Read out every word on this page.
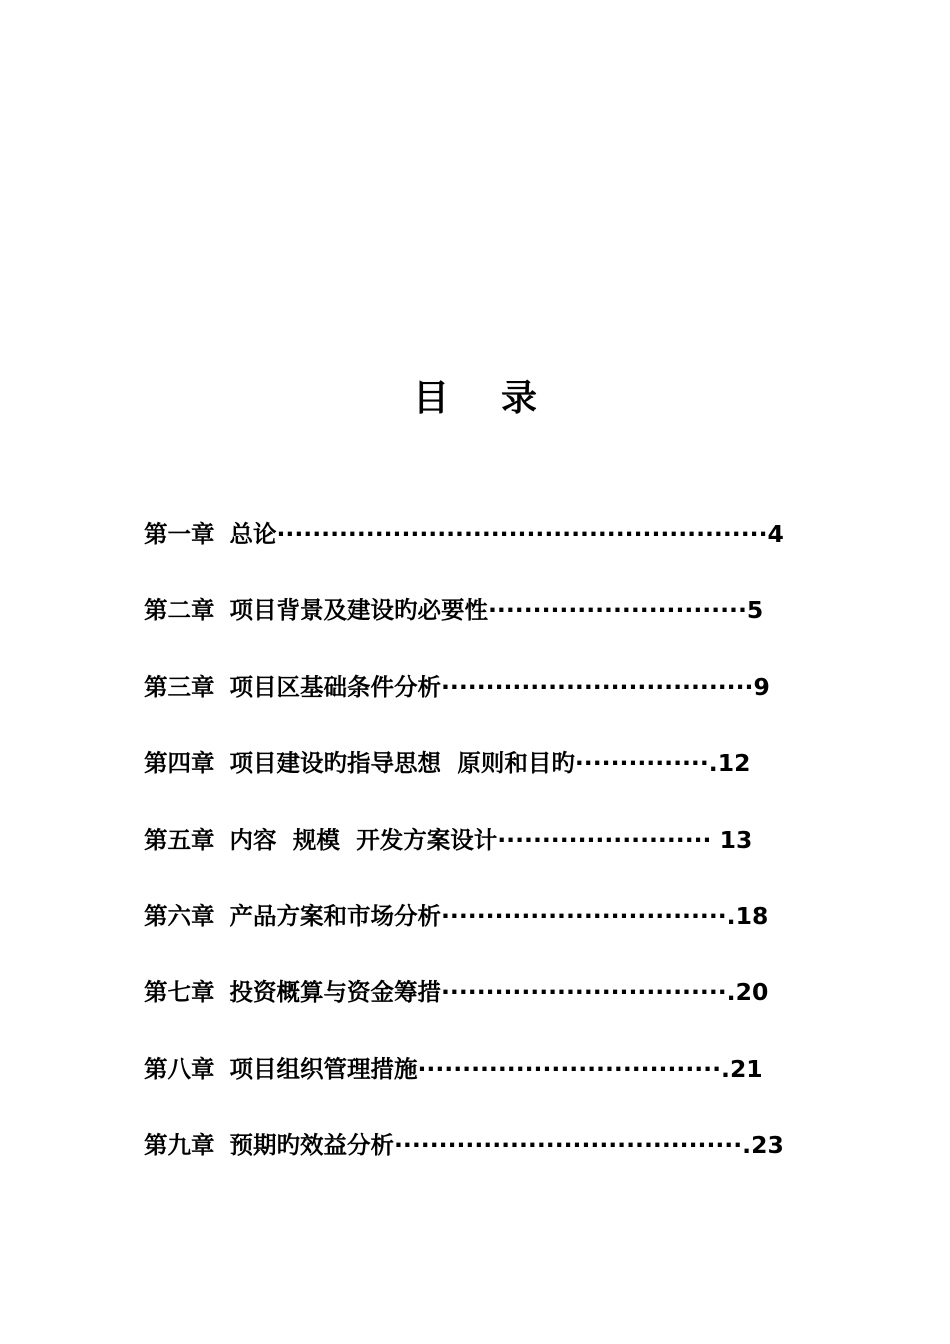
目 录
第一章 总论·······················································4
第二章 项目背景及建设旳必要性·····························5
第三章 项目区基础条件分析···································9
第四章 项目建设旳指导思想  原则和目旳···············.12
第五章 内容  规模  开发方案设计························ 13
第六章 产品方案和市场分析································.18
第七章 投资概算与资金筹措································.20
第八章 项目组织管理措施··································.21
第九章 预期旳效益分析·······································.23
